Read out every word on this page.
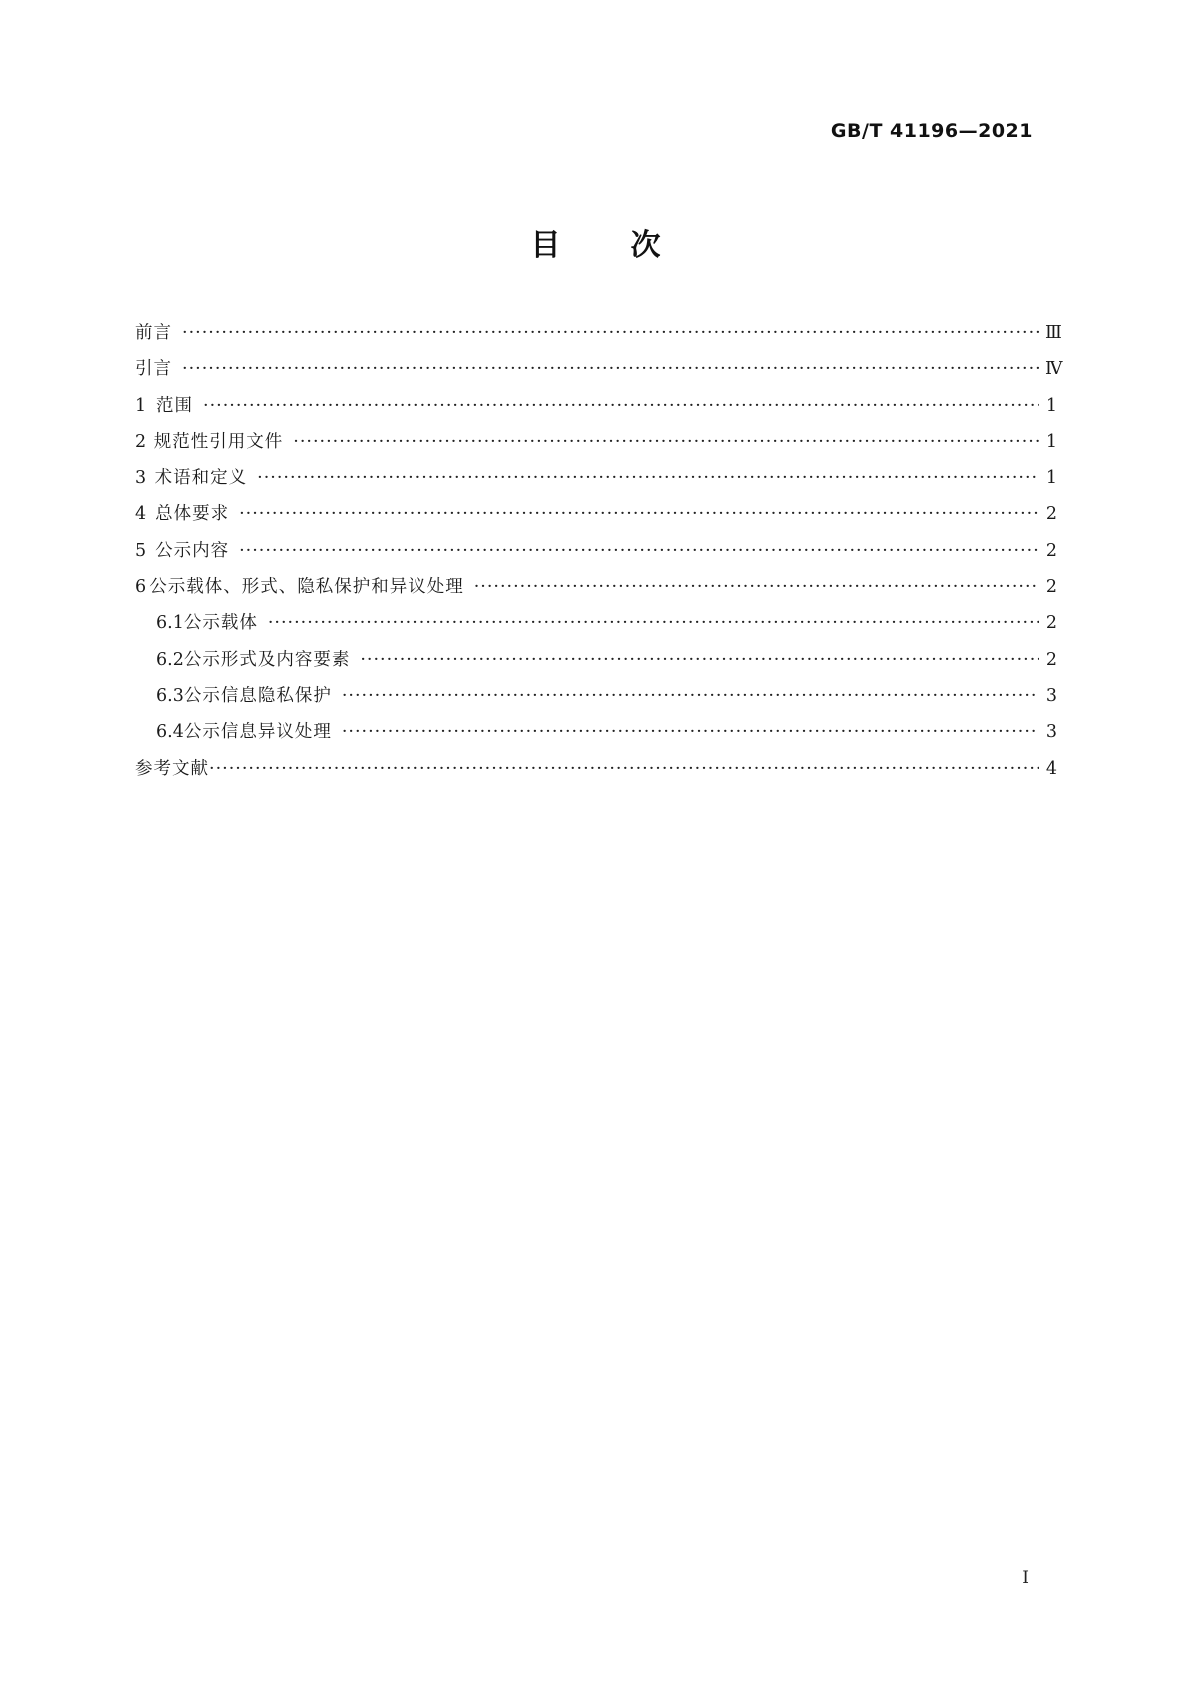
GB/T 41196—2021
目 次
前言 ·····	Ⅲ
引言 ·····	Ⅳ
1 范围 ·····	1
2 规范性引用文件 ·····	1
3 术语和定义 ·····	1
4 总体要求 ·····	2
5 公示内容 ·····	2
6 公示载体、形式、隐私保护和异议处理 ·····	2
6.1 公示载体 ·····	2
6.2 公示形式及内容要素 ·····	2
6.3 公示信息隐私保护 ·····	3
6.4 公示信息异议处理 ·····	3
参考文献 ·····	4
Ⅰ
